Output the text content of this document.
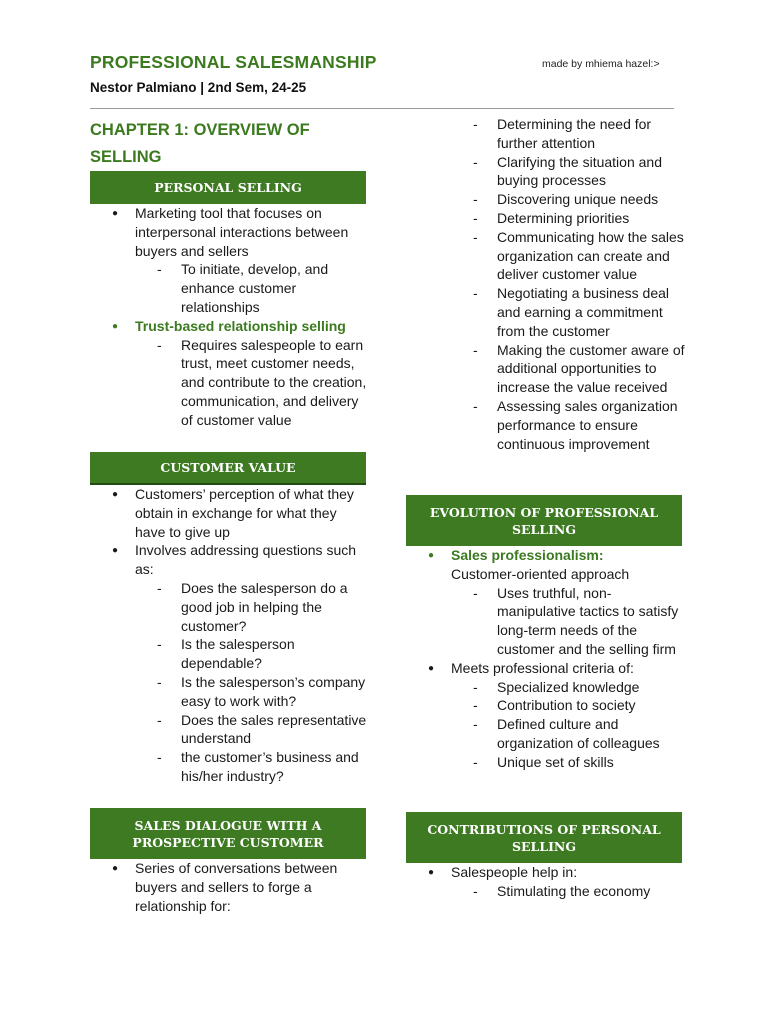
PROFESSIONAL SALESMANSHIP	made by mhiema hazel:>
Nestor Palmiano | 2nd Sem, 24-25
CHAPTER 1: OVERVIEW OF SELLING
PERSONAL SELLING
● Marketing tool that focuses on interpersonal interactions between buyers and sellers
- To initiate, develop, and enhance customer relationships
● Trust-based relationship selling
- Requires salespeople to earn trust, meet customer needs, and contribute to the creation, communication, and delivery of customer value
CUSTOMER VALUE
● Customers’ perception of what they obtain in exchange for what they have to give up
● Involves addressing questions such as:
- Does the salesperson do a good job in helping the customer?
- Is the salesperson dependable?
- Is the salesperson’s company easy to work with?
- Does the sales representative understand
- the customer’s business and his/her industry?
SALES DIALOGUE WITH A PROSPECTIVE CUSTOMER
● Series of conversations between buyers and sellers to forge a relationship for:
- Determining the need for further attention
- Clarifying the situation and buying processes
- Discovering unique needs
- Determining priorities
- Communicating how the sales organization can create and deliver customer value
- Negotiating a business deal and earning a commitment from the customer
- Making the customer aware of additional opportunities to increase the value received
- Assessing sales organization performance to ensure continuous improvement
EVOLUTION OF PROFESSIONAL SELLING
● Sales professionalism:
Customer-oriented approach
- Uses truthful, non-manipulative tactics to satisfy long-term needs of the customer and the selling firm
● Meets professional criteria of:
- Specialized knowledge
- Contribution to society
- Defined culture and organization of colleagues
- Unique set of skills
CONTRIBUTIONS OF PERSONAL SELLING
● Salespeople help in:
- Stimulating the economy
